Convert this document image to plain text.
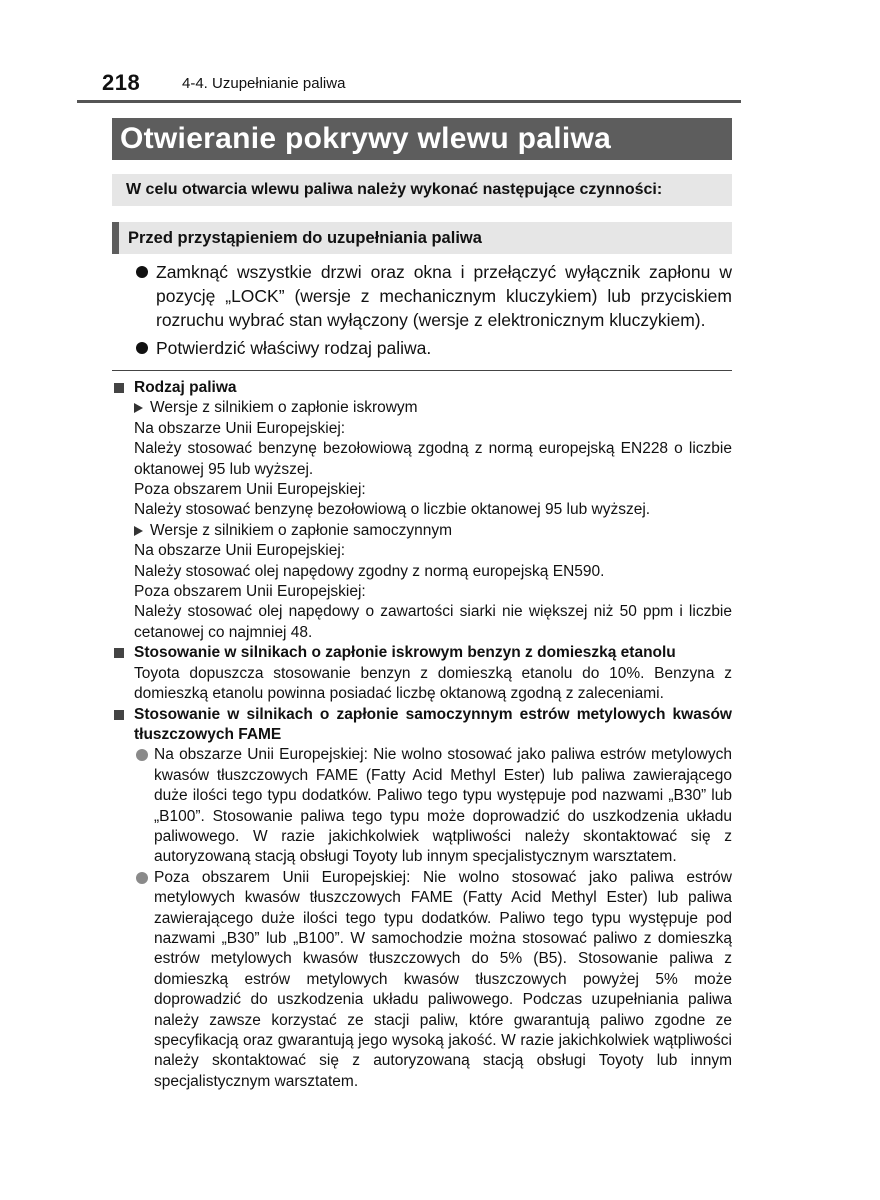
218	4-4. Uzupełnianie paliwa
Otwieranie pokrywy wlewu paliwa
W celu otwarcia wlewu paliwa należy wykonać następujące czynności:
Przed przystąpieniem do uzupełniania paliwa
Zamknąć wszystkie drzwi oraz okna i przełączyć wyłącznik zapłonu w pozycję „LOCK” (wersje z mechanicznym kluczykiem) lub przyciskiem rozruchu wybrać stan wyłączony (wersje z elektronicznym kluczykiem).
Potwierdzić właściwy rodzaj paliwa.
Rodzaj paliwa
Wersje z silnikiem o zapłonie iskrowym
Na obszarze Unii Europejskiej:
Należy stosować benzynę bezołowiową zgodną z normą europejską EN228 o liczbie oktanowej 95 lub wyższej.
Poza obszarem Unii Europejskiej:
Należy stosować benzynę bezołowiową o liczbie oktanowej 95 lub wyższej.
Wersje z silnikiem o zapłonie samoczynnym
Na obszarze Unii Europejskiej:
Należy stosować olej napędowy zgodny z normą europejską EN590.
Poza obszarem Unii Europejskiej:
Należy stosować olej napędowy o zawartości siarki nie większej niż 50 ppm i liczbie cetanowej co najmniej 48.
Stosowanie w silnikach o zapłonie iskrowym benzyn z domieszką etanolu
Toyota dopuszcza stosowanie benzyn z domieszką etanolu do 10%. Benzyna z domieszką etanolu powinna posiadać liczbę oktanową zgodną z zaleceniami.
Stosowanie w silnikach o zapłonie samoczynnym estrów metylowych kwasów tłuszczowych FAME
Na obszarze Unii Europejskiej: Nie wolno stosować jako paliwa estrów metylowych kwasów tłuszczowych FAME (Fatty Acid Methyl Ester) lub paliwa zawierającego duże ilości tego typu dodatków. Paliwo tego typu występuje pod nazwami „B30” lub „B100”. Stosowanie paliwa tego typu może doprowadzić do uszkodzenia układu paliwowego. W razie jakichkolwiek wątpliwości należy skontaktować się z autoryzowaną stacją obsługi Toyoty lub innym specjalistycznym warsztatem.
Poza obszarem Unii Europejskiej: Nie wolno stosować jako paliwa estrów metylowych kwasów tłuszczowych FAME (Fatty Acid Methyl Ester) lub paliwa zawierającego duże ilości tego typu dodatków. Paliwo tego typu występuje pod nazwami „B30” lub „B100”. W samochodzie można stosować paliwo z domieszką estrów metylowych kwasów tłuszczowych do 5% (B5). Stosowanie paliwa z domieszką estrów metylowych kwasów tłuszczowych powyżej 5% może doprowadzić do uszkodzenia układu paliwowego. Podczas uzupełniania paliwa należy zawsze korzystać ze stacji paliw, które gwarantują paliwo zgodne ze specyfikacją oraz gwarantują jego wysoką jakość. W razie jakichkolwiek wątpliwości należy skontaktować się z autoryzowaną stacją obsługi Toyoty lub innym specjalistycznym warsztatem.
